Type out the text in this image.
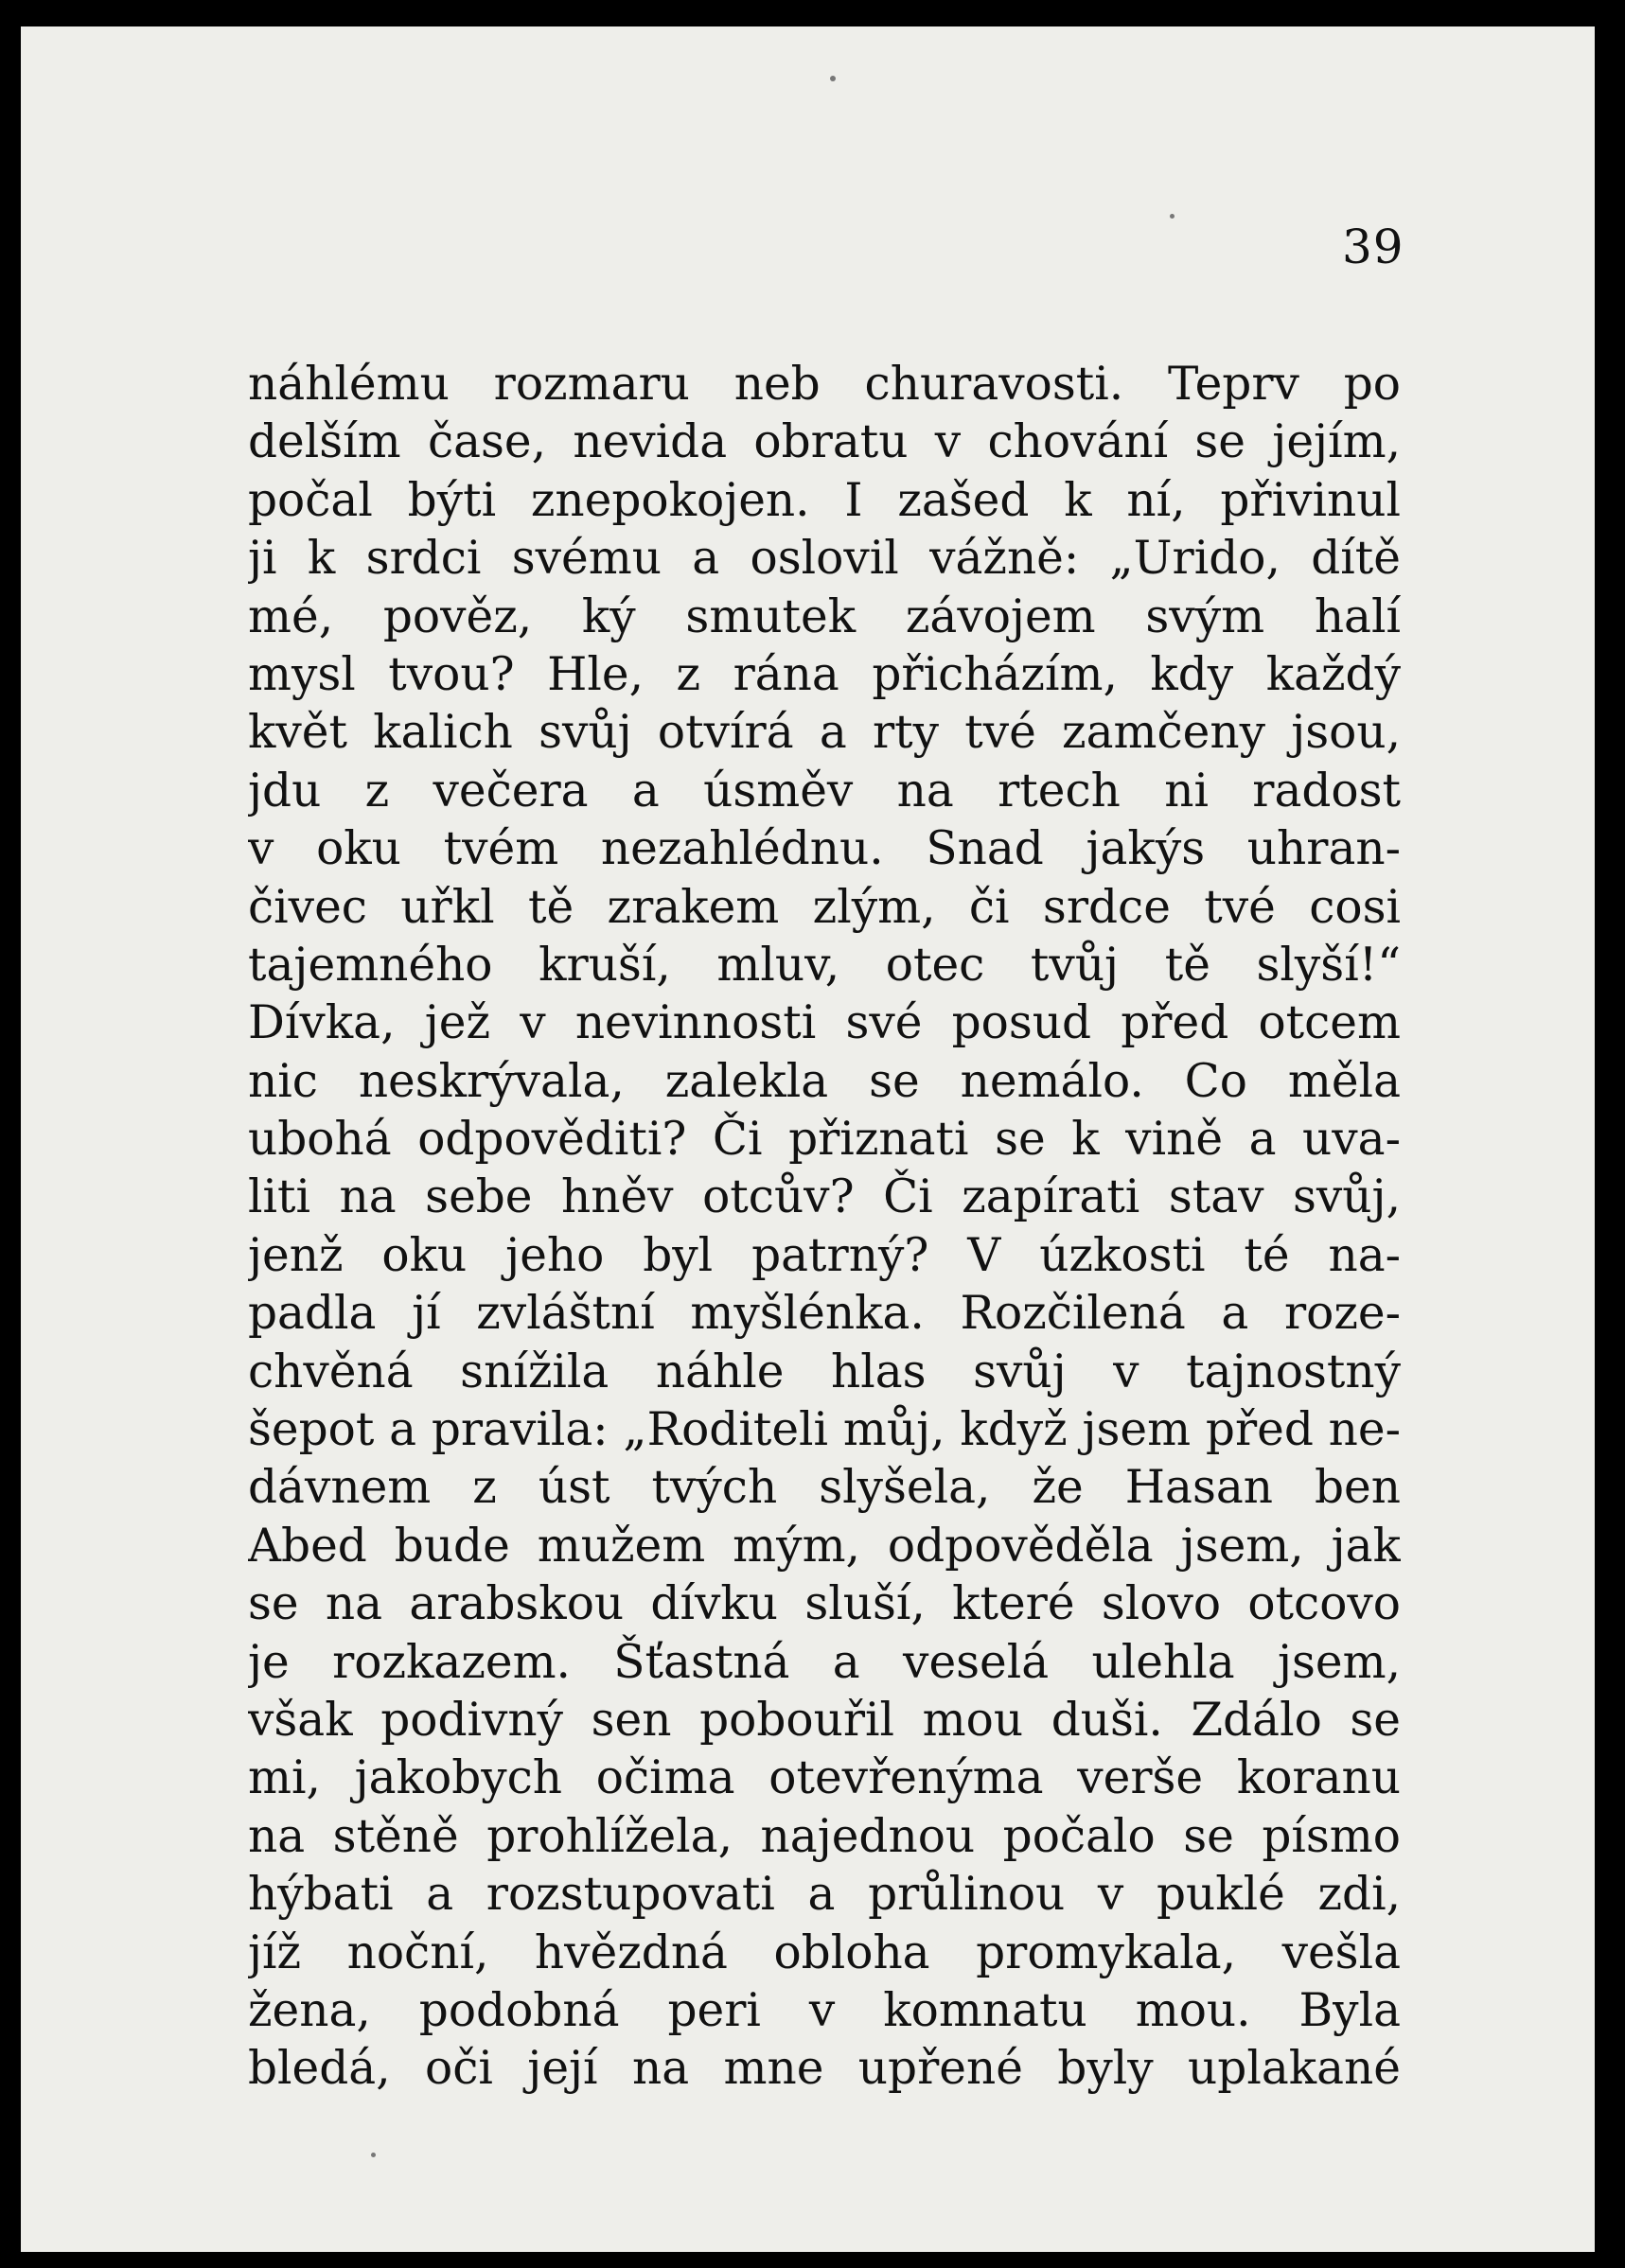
39
náhlému rozmaru neb churavosti. Teprv po
delším čase, nevida obratu v chování se jejím,
počal býti znepokojen. I zašed k ní, přivinul
ji k srdci svému a oslovil vážně: „Urido, dítě
mé, pověz, ký smutek závojem svým halí
mysl tvou? Hle, z rána přicházím, kdy každý
květ kalich svůj otvírá a rty tvé zamčeny jsou,
jdu z večera a úsměv na rtech ni radost
v oku tvém nezahlédnu. Snad jakýs uhran-
čivec uřkl tě zrakem zlým, či srdce tvé cosi
tajemného kruší, mluv, otec tvůj tě slyší!“
Dívka, jež v nevinnosti své posud před otcem
nic neskrývala, zalekla se nemálo. Co měla
ubohá odpověditi? Či přiznati se k vině a uva-
liti na sebe hněv otcův? Či zapírati stav svůj,
jenž oku jeho byl patrný? V úzkosti té na-
padla jí zvláštní myšlénka. Rozčilená a roze-
chvěná snížila náhle hlas svůj v tajnostný
šepot a pravila: „Roditeli můj, když jsem před ne-
dávnem z úst tvých slyšela, že Hasan ben
Abed bude mužem mým, odpověděla jsem, jak
se na arabskou dívku sluší, které slovo otcovo
je rozkazem. Šťastná a veselá ulehla jsem,
však podivný sen pobouřil mou duši. Zdálo se
mi, jakobych očima otevřenýma verše koranu
na stěně prohlížela, najednou počalo se písmo
hýbati a rozstupovati a průlinou v puklé zdi,
jíž noční, hvězdná obloha promykala, vešla
žena, podobná peri v komnatu mou. Byla
bledá, oči její na mne upřené byly uplakané
